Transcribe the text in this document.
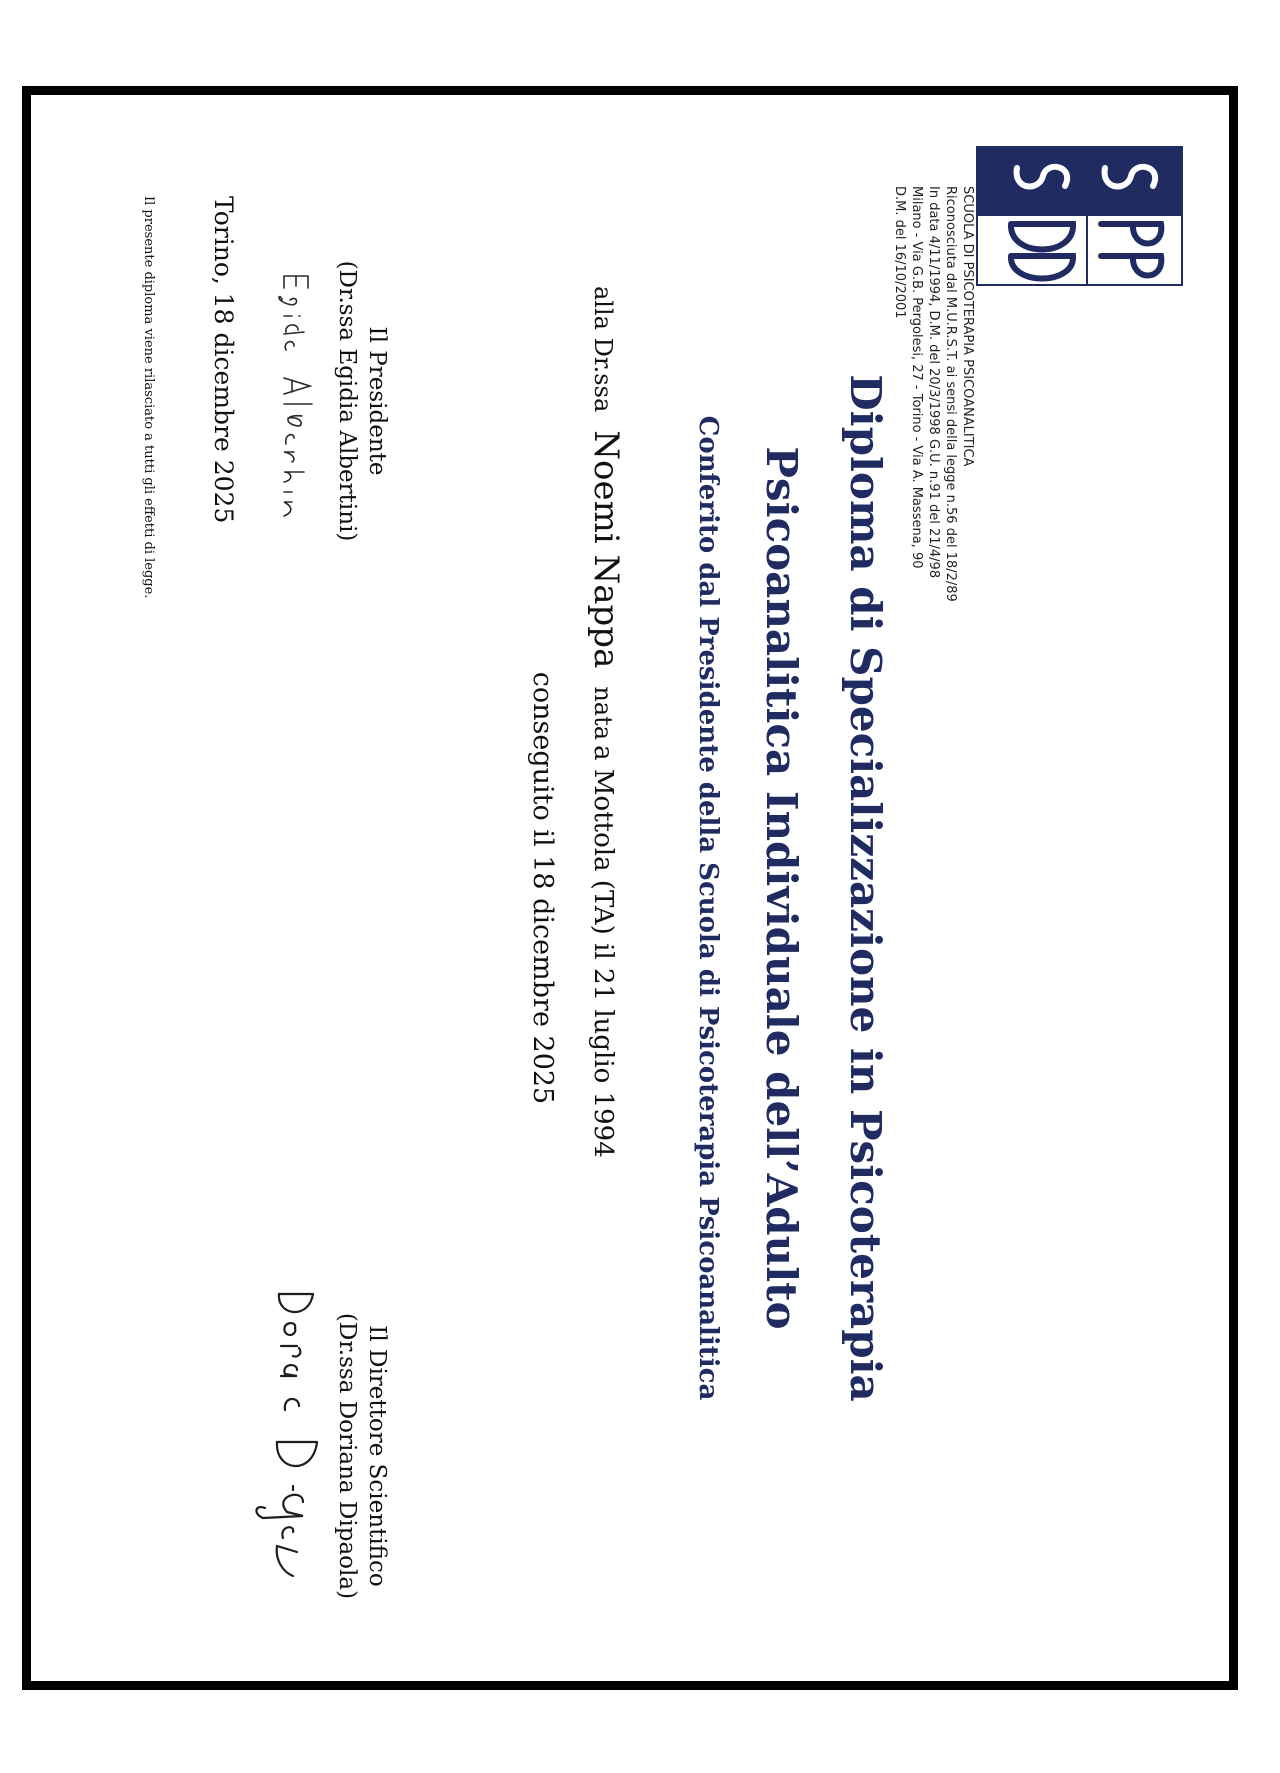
SCUOLA DI PSICOTERAPIA PSICOANALITICA
Riconosciuta dal M.U.R.S.T. ai sensi della legge n.56 del 18/2/89
In data 4/11/1994, D.M. del 20/3/1998 G.U. n.91 del 21/4/98
Milano - Via G.B. Pergolesi, 27 - Torino - Via A. Massena, 90
D.M. del 16/10/2001
Diploma di Specializzazione in Psicoterapia
Psicoanalitica Individuale dell’Adulto
Conferito dal Presidente della Scuola di Psicoterapia Psicoanalitica
alla Dr.ssaNoemi Nappanata a Mottola (TA) il 21 luglio 1994
conseguito il 18 dicembre 2025
Il Presidente
(Dr.ssa Egidia Albertini)
Il Direttore Scientifico
(Dr.ssa Doriana Dipaola)
Torino, 18 dicembre 2025
Il presente diploma viene rilasciato a tutti gli effetti di legge.
